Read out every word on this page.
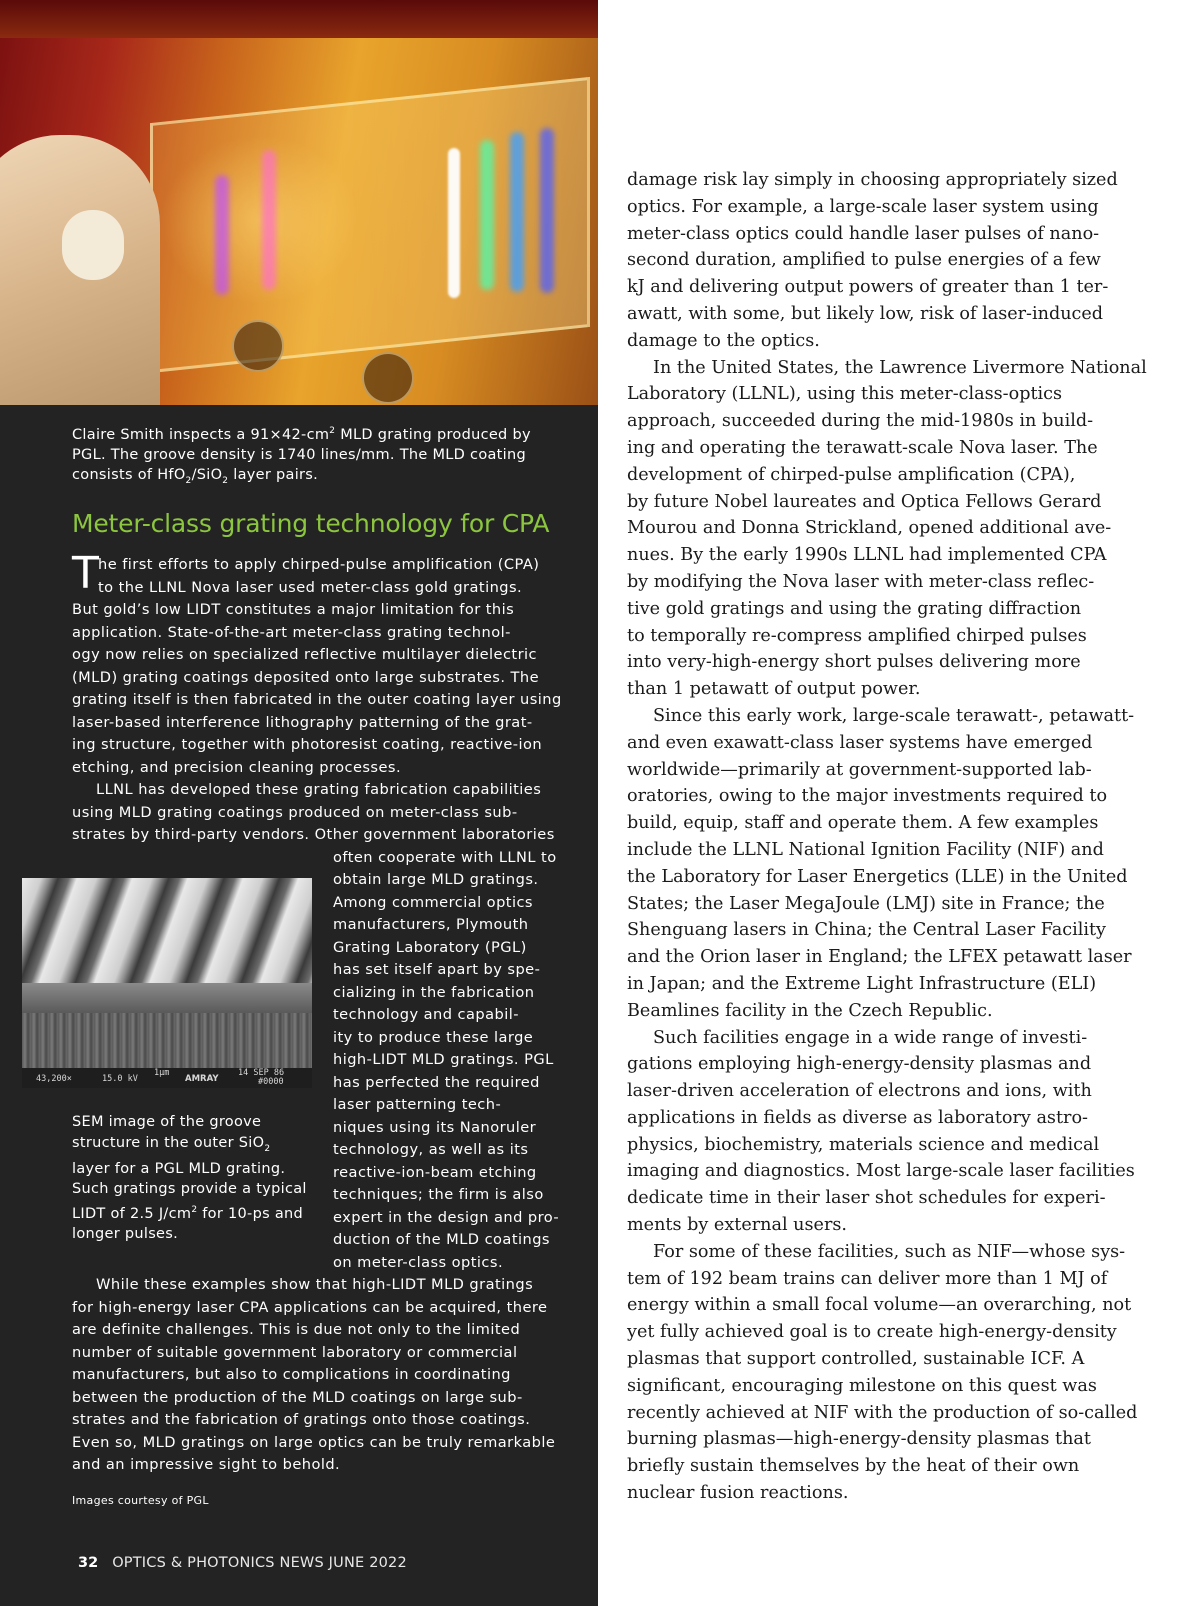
Claire Smith inspects a $91\times 42-cm^2$ MLD grating produced by
PGL. The groove density is 1740 lines/mm. The MLD coating
consists of HfO$_2$/SiO$_2$ layer pairs.
Meter-class grating technology for CPA
T he first efforts to apply chirped-pulse amplification (CPA)
to the LLNL Nova laser used meter-class gold gratings.
But gold’s low LIDT constitutes a major limitation for this
application. State-of-the-art meter-class grating technol-
ogy now relies on specialized reflective multilayer dielectric
(MLD) grating coatings deposited onto large substrates. The
grating itself is then fabricated in the outer coating layer using
laser-based interference lithography patterning of the grat-
ing structure, together with photoresist coating, reactive-ion
etching, and precision cleaning processes.
LLNL has developed these grating fabrication capabilities
using MLD grating coatings produced on meter-class sub-
strates by third-party vendors. Other government laboratories
often cooperate with LLNL to
obtain large MLD gratings.
Among commercial optics
manufacturers, Plymouth
Grating Laboratory (PGL)
has set itself apart by spe-
cializing in the fabrication
technology and capabil-
ity to produce these large
high-LIDT MLD gratings. PGL
has perfected the required
laser patterning tech-
niques using its Nanoruler
technology, as well as its
reactive-ion-beam etching
techniques; the firm is also
expert in the design and pro-
duction of the MLD coatings
on meter-class optics.
While these examples show that high-LIDT MLD gratings
for high-energy laser CPA applications can be acquired, there
are definite challenges. This is due not only to the limited
number of suitable government laboratory or commercial
manufacturers, but also to complications in coordinating
between the production of the MLD coatings on large sub-
strates and the fabrication of gratings onto those coatings.
Even so, MLD gratings on large optics can be truly remarkable
and an impressive sight to behold.
43,200×	15.0 kV
1μm
AMRAY
14 SEP 86
#0000
SEM image of the groove
structure in the outer SiO$_2$
layer for a PGL MLD grating.
Such gratings provide a typical
LIDT of 2.5 $J/cm^2$ for 10-ps and
longer pulses.
Images courtesy of PGL
32 OPTICS & PHOTONICS NEWS JUNE 2022
damage risk lay simply in choosing appropriately sized
optics. For example, a large-scale laser system using
meter-class optics could handle laser pulses of nano-
second duration, amplified to pulse energies of a few
kJ and delivering output powers of greater than 1 ter-
awatt, with some, but likely low, risk of laser-induced
damage to the optics.
In the United States, the Lawrence Livermore National
Laboratory (LLNL), using this meter-class-optics
approach, succeeded during the mid-1980s in build-
ing and operating the terawatt-scale Nova laser. The
development of chirped-pulse amplification (CPA),
by future Nobel laureates and Optica Fellows Gerard
Mourou and Donna Strickland, opened additional ave-
nues. By the early 1990s LLNL had implemented CPA
by modifying the Nova laser with meter-class reflec-
tive gold gratings and using the grating diffraction
to temporally re-compress amplified chirped pulses
into very-high-energy short pulses delivering more
than 1 petawatt of output power.
Since this early work, large-scale terawatt-, petawatt-
and even exawatt-class laser systems have emerged
worldwide—primarily at government-supported lab-
oratories, owing to the major investments required to
build, equip, staff and operate them. A few examples
include the LLNL National Ignition Facility (NIF) and
the Laboratory for Laser Energetics (LLE) in the United
States; the Laser MegaJoule (LMJ) site in France; the
Shenguang lasers in China; the Central Laser Facility
and the Orion laser in England; the LFEX petawatt laser
in Japan; and the Extreme Light Infrastructure (ELI)
Beamlines facility in the Czech Republic.
Such facilities engage in a wide range of investi-
gations employing high-energy-density plasmas and
laser-driven acceleration of electrons and ions, with
applications in fields as diverse as laboratory astro-
physics, biochemistry, materials science and medical
imaging and diagnostics. Most large-scale laser facilities
dedicate time in their laser shot schedules for experi-
ments by external users.
For some of these facilities, such as NIF—whose sys-
tem of 192 beam trains can deliver more than 1 MJ of
energy within a small focal volume—an overarching, not
yet fully achieved goal is to create high-energy-density
plasmas that support controlled, sustainable ICF. A
significant, encouraging milestone on this quest was
recently achieved at NIF with the production of so-called
burning plasmas—high-energy-density plasmas that
briefly sustain themselves by the heat of their own
nuclear fusion reactions.
